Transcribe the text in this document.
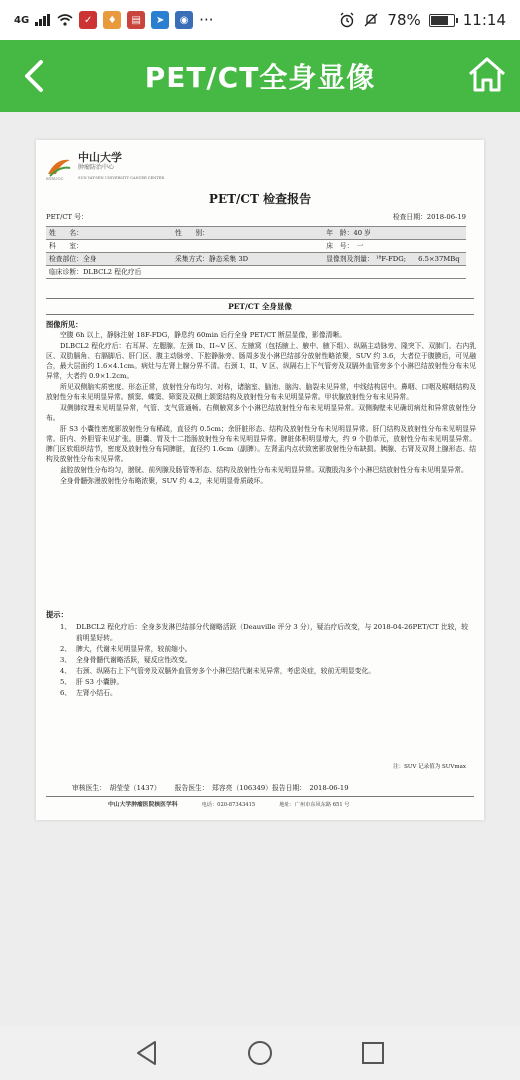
4G	✓	♦	▤	➤	◉ ···	78%	11:14
PET/CT全身显像
SYSUCC
中山大学
肿瘤防治中心
SUN YAT-SEN UNIVERSITY CANCER CENTER
PET/CT 检查报告
PET/CT 号：	检查日期：2018-06-19
姓　　名：	性　　别：	年　龄：40 岁	
科　　室：		床　号：　一	
检查部位：全身	采集方式：静态采集 3D	显像剂及剂量： ¹⁸F-FDG;	6.5×37MBq
临床诊断：DLBCL2 程化疗后			
PET/CT 全身显像
图像所见：

空腹 6h 以上，静脉注射 18F-FDG，静息约 60min 后行全身 PET/CT 断层显像，影像清晰。

DLBCL2 程化疗后：右耳屏、左腮腺、左颈 Ib、II~V 区、左腋窝（包括腋上、腋中、腋下组）、纵隔主动脉旁、隆突下、双肺门、右内乳区、双肋膈角、右膈脚后、肝门区、腹主动脉旁、下腔静脉旁、肠周多发小淋巴结部分放射性略浓聚，SUV 约 3.6，大者位于腹膜后，可见融合，最大层面约 1.6×4.1cm。病灶与左肾上腺分界不清。右颈 I、II、V 区、纵隔右上下气管旁及双膈外血管旁多个小淋巴结放射性分布未见异常，大者约 0.9×1.2cm。

所见双侧脑实质密度、形态正常，放射性分布均匀、对称，诸脑室、脑池、脑沟、脑裂未见异常，中线结构居中。鼻咽、口咽及喉咽结构及放射性分布未见明显异常。额窦、蝶窦、筛窦及双侧上颌窦结构及放射性分布未见明显异常。甲状腺放射性分布未见异常。

双侧肺纹理未见明显异常，气管、支气管通畅。右侧腋窝多个小淋巴结放射性分布未见明显异常。双侧胸壁未见确切病灶和异常放射性分布。

肝 S3 小囊性密度影放射性分布稀疏，直径约 0.5cm；余肝脏形态、结构及放射性分布未见明显异常。肝门结构及放射性分布未见明显异常。肝内、外胆管未见扩张。胆囊、胃及十二指肠放射性分布未见明显异常。脾脏体积明显增大，约 9 个肋单元，放射性分布未见明显异常。脾门区软组织结节，密度及放射性分布同脾脏，直径约 1.6cm（副脾）。左肾盂内点状致密影放射性分布缺损。胰腺、右肾及双肾上腺形态、结构及放射性分布未见异常。

盆腔放射性分布均匀，膀胱、前列腺及肠管等形态、结构及放射性分布未见明显异常。双腹股沟多个小淋巴结放射性分布未见明显异常。

全身骨髓弥漫放射性分布略浓聚，SUV 约 4.2，未见明显骨质破坏。

提示：
1、 DLBCL2 程化疗后：全身多发淋巴结部分代谢略活跃（Deauville 评分 3 分），疑治疗后改变，与 2018-04-26PET/CT 比较，较前明显好转。
2、 脾大，代谢未见明显异常，较前缩小。
3、 全身骨髓代谢略活跃，疑反应性改变。
4、 右颈、纵隔右上下气管旁及双膈外血管旁多个小淋巴结代谢未见异常，考虑炎症，较前无明显变化。
5、 肝 S3 小囊肿。
6、 左肾小结石。
注：SUV 记录值为 SUVmax
审核医生：　胡莹莹（1437） 报告医生：　郑容亮（106349）报告日期：　2018-06-19
中山大学肿瘤医院核医学科	电话：020-87343415	地址：广州市东风东路 651 号
